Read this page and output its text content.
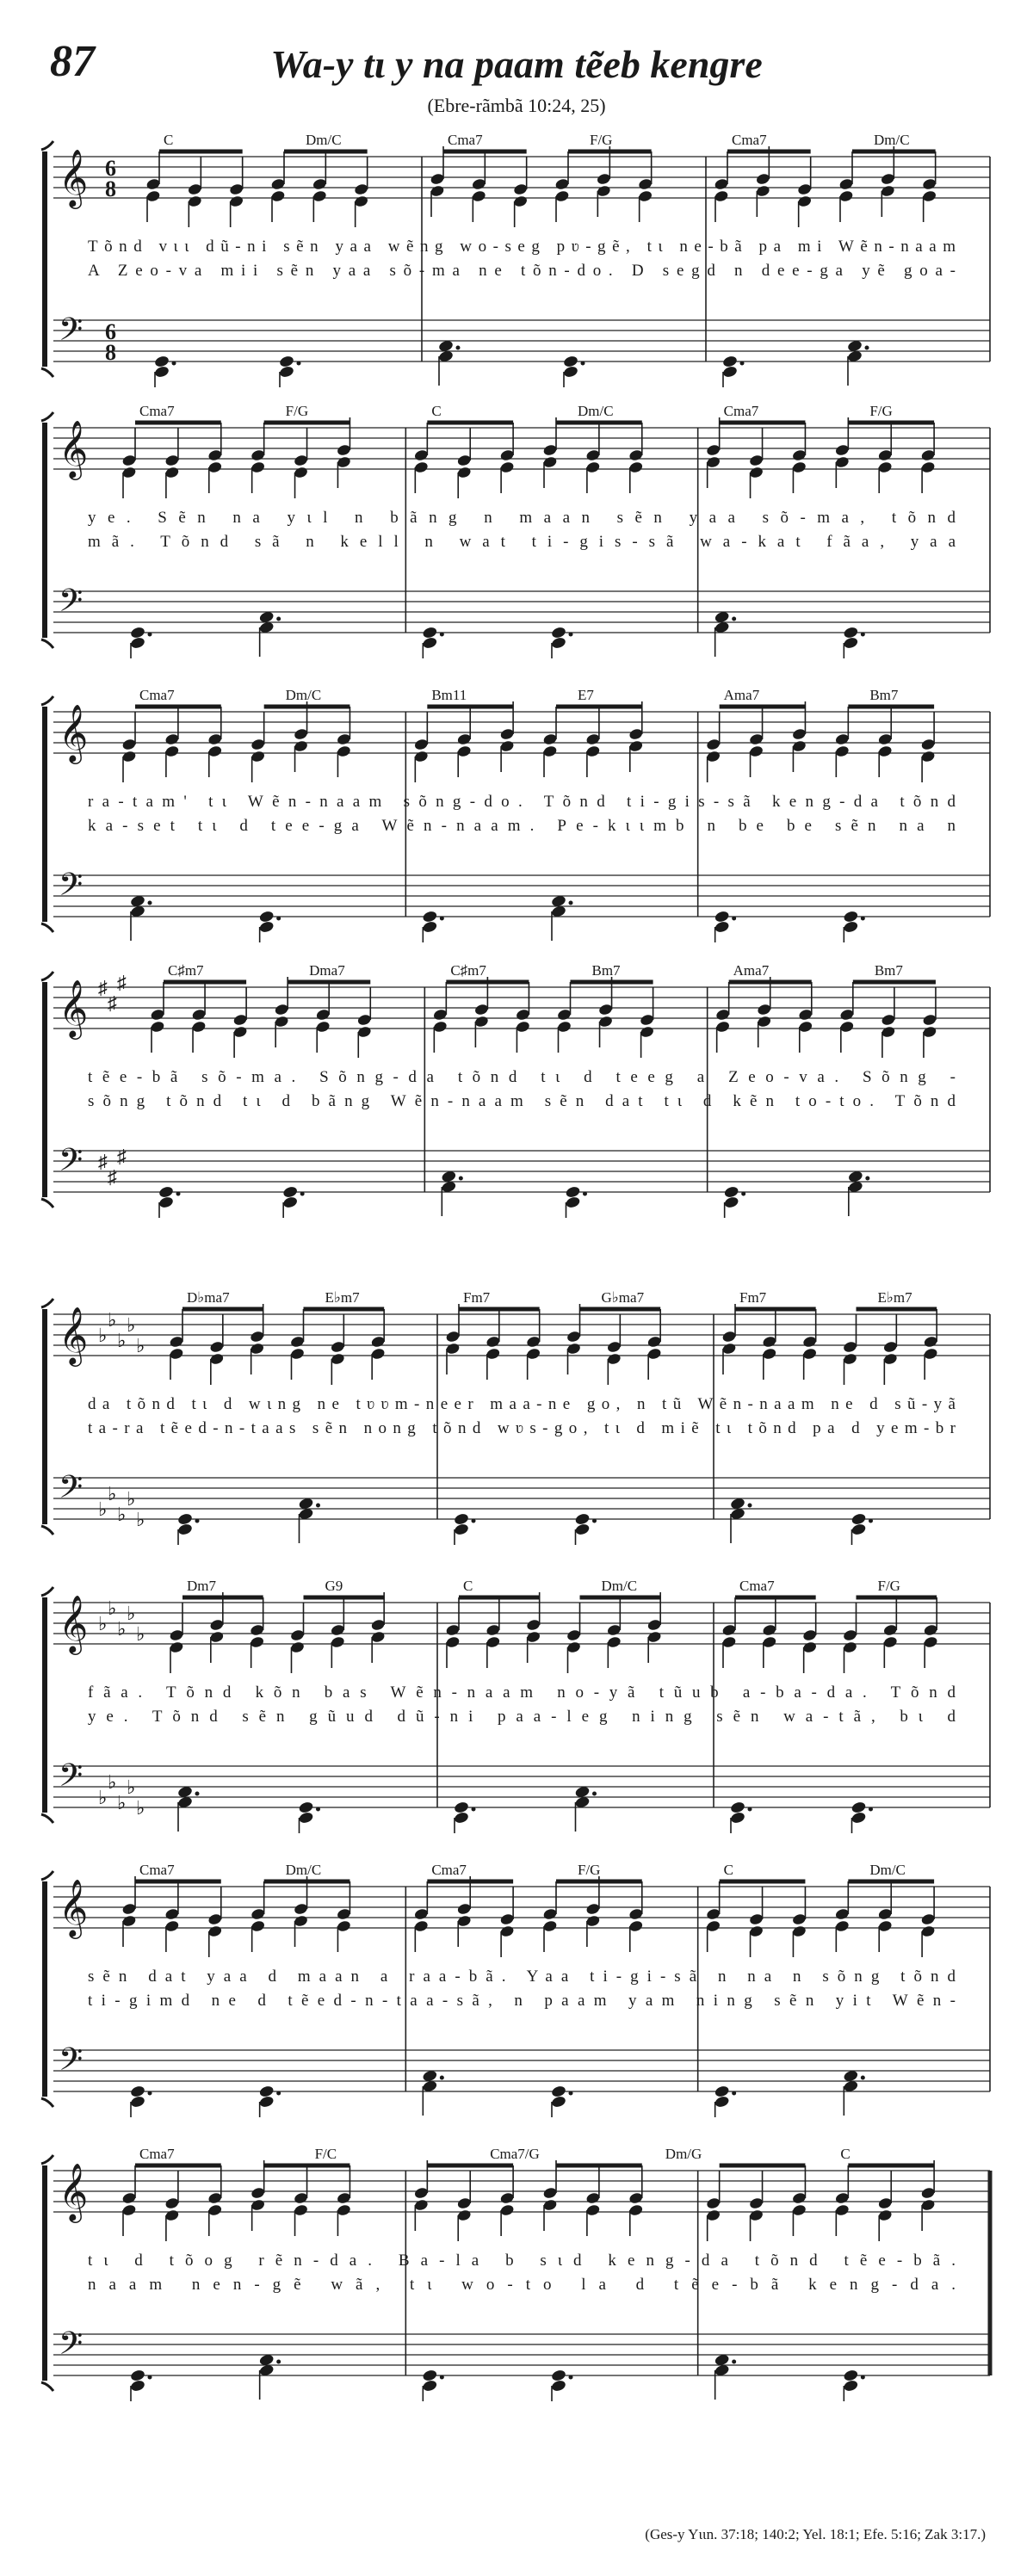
87	Wa-y tɩ y na paam tẽeb kengre
(Ebre-rãmbã 10:24, 25)
𝄞
𝄢
6
8
6
8
C	Dm/C	Cma7	F/G	Cma7	Dm/C
Tõnd vɩɩ dũ-ni sẽn yaa wẽng wo-seg pʋ-gẽ, tɩ ne-bã pa mi Wẽn-naam
A Zeo-va mii sẽn yaa sõ-ma ne tõn-do. D segd n dee-ga yẽ goa-
𝄞
𝄢
Cma7	F/G	C	Dm/C	Cma7	F/G
ye. Sẽn na yɩl n bãng n maan sẽn yaa sõ-ma, tõnd
mã. Tõnd sã n kell n wat ti-gis-sã wa-kat fãa, yaa
𝄞
𝄢
Cma7	Dm/C	Bm11	E7	Ama7	Bm7
ra-tam' tɩ Wẽn-naam sõng-do. Tõnd ti-gis-sã keng-da tõnd
ka-set tɩ d tee-ga Wẽn-naam. Pe-kɩɩmb n be be sẽn na n
𝄞
𝄢
♯
♯
♯
♯
♯
♯
C♯m7	Dma7	C♯m7	Bm7	Ama7	Bm7
tẽe-bã sõ-ma. Sõng-da tõnd tɩ d teeg a Zeo-va. Sõng -
sõng tõnd tɩ d bãng Wẽn-naam sẽn dat tɩ d kẽn to-to. Tõnd
𝄞
𝄢
♭
♭
♭
♭
♭
♭
♭
♭
♭
♭
D♭ma7	E♭m7	Fm7	G♭ma7	Fm7	E♭m7
da tõnd tɩ d wɩng ne tʋʋm-neer maa-ne go, n tũ Wẽn-naam ne d sũ-yã
ta-ra tẽed-n-taas sẽn nong tõnd wʋs-go, tɩ d miẽ tɩ tõnd pa d yem-br
𝄞
𝄢
♭
♭
♭
♭
♭
♭
♭
♭
♭
♭
Dm7	G9	C	Dm/C	Cma7	F/G
fãa. Tõnd kõn bas Wẽn-naam no-yã tũub a-ba-da. Tõnd
ye. Tõnd sẽn gũud dũ-ni paa-leg ning sẽn wa-tã, bɩ d
𝄞
𝄢
Cma7	Dm/C	Cma7	F/G	C	Dm/C
sẽn dat yaa d maan a raa-bã. Yaa ti-gi-sã n na n sõng tõnd
ti-gimd ne d tẽed-n-taa-sã, n paam yam ning sẽn yit Wẽn-
𝄞
𝄢
Cma7	F/C	Cma7/G	Dm/G	C
tɩ d tõog rẽn-da. Ba-la b sɩd keng-da tõnd tẽe-bã.
naam nen-gẽ wã, tɩ wo-to la d tẽe-bã keng-da.
(Ges-y Yɩɩn. 37:18; 140:2; Yel. 18:1; Efe. 5:16; Zak 3:17.)
